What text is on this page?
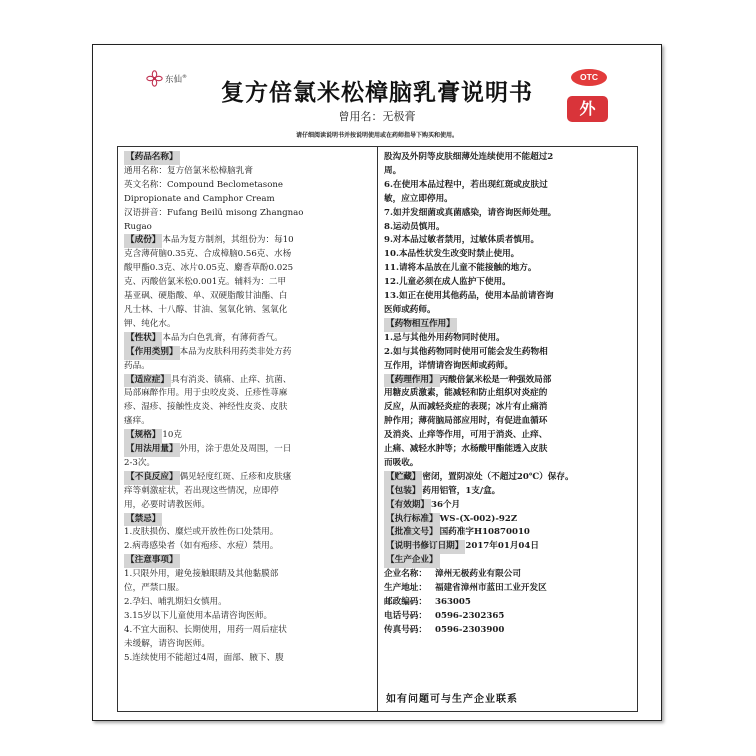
东仙®
复方倍氯米松樟脑乳膏说明书
曾用名：无极膏
请仔细阅读说明书并按说明使用或在药师指导下购买和使用。
OTC
外
【药品名称】
通用名称：复方倍氯米松樟脑乳膏
英文名称：Compound Beclometasone
Dipropionate and Camphor Cream
汉语拼音：Fufang Beilü misong Zhangnao
Rugao
【成份】 本品为复方制剂，其组份为：每10
克含薄荷脑0.35克、合成樟脑0.56克、水杨
酸甲酯0.3克、冰片0.05克、麝香草酚0.025
克、丙酸倍氯米松0.001克。辅料为：二甲
基亚砜、硬脂酸、单、双硬脂酸甘油酯、白
凡士林、十八醇、甘油、氢氧化钠、氢氧化
钾、纯化水。
【性状】 本品为白色乳膏，有薄荷香气。
【作用类别】 本品为皮肤科用药类非处方药
药品。
【适应症】 具有消炎、镇痛、止痒、抗菌、
局部麻醉作用。用于虫咬皮炎、丘疹性荨麻
疹、湿疹、接触性皮炎、神经性皮炎、皮肤
瘙痒。
【规格】 10克
【用法用量】 外用，涂于患处及周围，一日
2-3次。
【不良反应】 偶见轻度红斑、丘疹和皮肤瘙
痒等刺激症状，若出现这些情况，应即停
用，必要时请教医师。
【禁忌】
1.皮肤损伤、糜烂或开放性伤口处禁用。
2.病毒感染者（如有疱疹、水痘）禁用。
【注意事项】
1.只限外用，避免接触眼睛及其他黏膜部
位，严禁口服。
2.孕妇、哺乳期妇女慎用。
3.15岁以下儿童使用本品请咨询医师。
4.不宜大面积、长期使用，用药一周后症状
未缓解，请咨询医师。
5.连续使用不能超过4周，面部、腋下、腹
股沟及外阴等皮肤细薄处连续使用不能超过2
周。
6.在使用本品过程中，若出现红斑或皮肤过
敏，应立即停用。
7.如并发细菌或真菌感染，请咨询医师处理。
8.运动员慎用。
9.对本品过敏者禁用，过敏体质者慎用。
10.本品性状发生改变时禁止使用。
11.请将本品放在儿童不能接触的地方。
12.儿童必须在成人监护下使用。
13.如正在使用其他药品，使用本品前请咨询
医师或药师。
【药物相互作用】
1.忌与其他外用药物同时使用。
2.如与其他药物同时使用可能会发生药物相
互作用，详情请咨询医师或药师。
【药理作用】 丙酸倍氯米松是一种强效局部
用糖皮质激素，能减轻和防止组织对炎症的
反应，从而减轻炎症的表现；冰片有止痛消
肿作用；薄荷脑局部应用时，有促进血循环
及消炎、止痒等作用，可用于消炎、止痒、
止痛、减轻水肿等；水杨酸甲酯能透入皮肤
而吸收。
【贮藏】 密闭，置阴凉处（不超过20℃）保存。
【包装】 药用铝管，1支/盒。
【有效期】 36个月
【执行标准】 WS-(X-002)-92Z
【批准文号】 国药准字H10870010
【说明书修订日期】 2017年01月04日
【生产企业】
企业名称： 漳州无极药业有限公司
生产地址： 福建省漳州市蓝田工业开发区
邮政编码： 363005
电话号码： 0596-2302365
传真号码： 0596-2303900
如有问题可与生产企业联系
